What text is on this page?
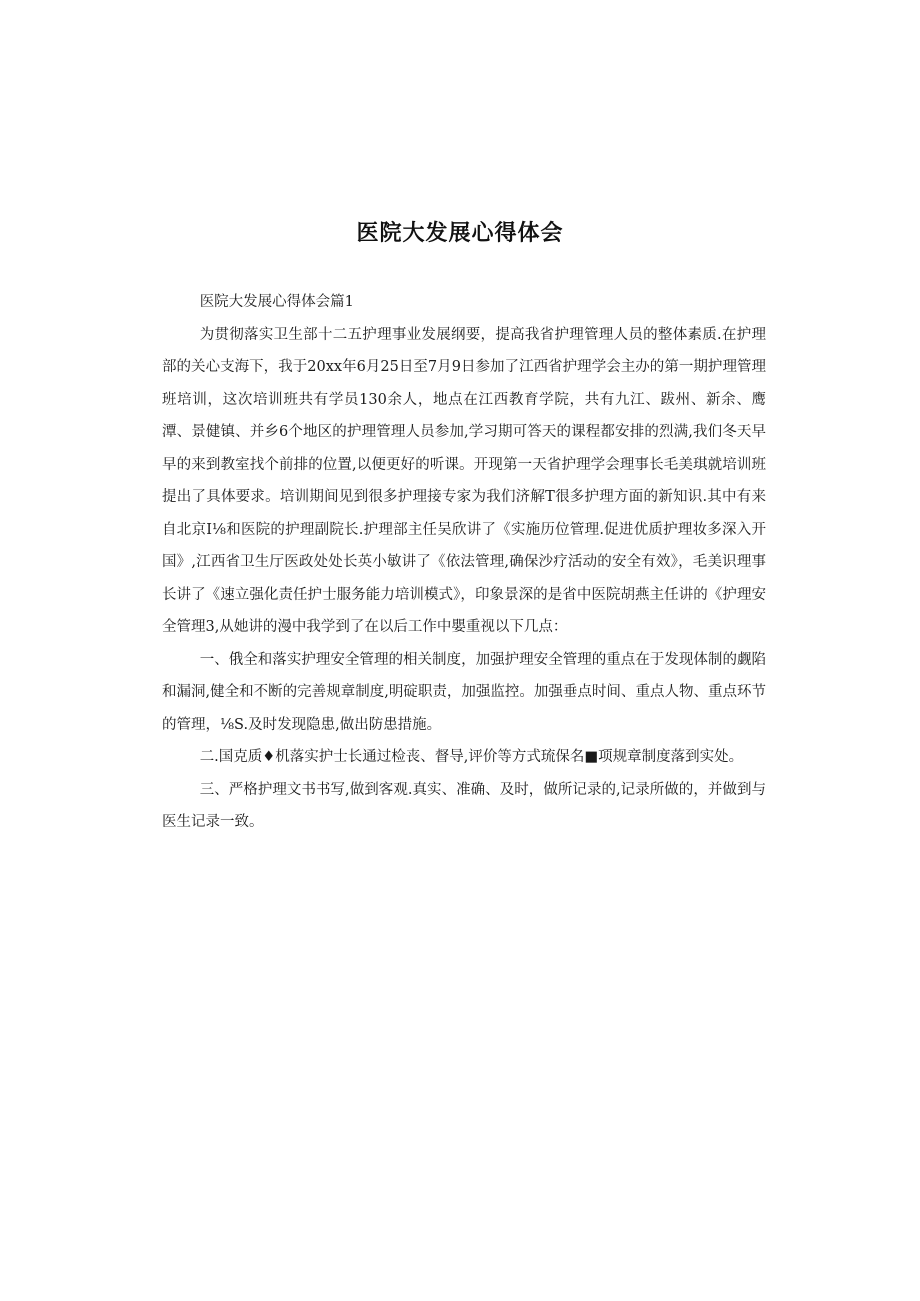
医院大发展心得体会

医院大发展心得体会篇1

为贯彻落实卫生部十二五护理事业发展纲要，提高我省护理管理人员的整体素质.在护理部的关心支海下，我于20xx年6月25日至7月9日参加了江西省护理学会主办的第一期护理管理班培训，这次培训班共有学员130余人，地点在江西教育学院，共有九江、跋州、新余、鹰潭、景健镇、并乡6个地区的护理管理人员参加,学习期可答天的课程都安排的烈满,我们冬天早早的来到教室找个前排的位置,以便更好的听课。开现第一天省护理学会理事长毛美琪就培训班提出了具体要求。培训期间见到很多护理接专家为我们济解T很多护理方面的新知识.其中有来自北京I⅛和医院的护理副院长.护理部主任吴欣讲了《实施历位管理.促进优质护理妆多深入开国》,江西省卫生厅医政处处长英小敏讲了《依法管理,确保沙疗活动的安全有效》，毛美识理事长讲了《速立强化责任护士服务能力培训模式》，印象景深的是省中医院胡燕主任讲的《护理安全管理3,从她讲的漫中我学到了在以后工作中嬰重视以下几点：

一、俄全和落实护理安全管理的相关制度，加强护理安全管理的重点在于发现体制的觑陷和漏洞,健全和不断的完善规章制度,明碇职责，加强监控。加强垂点时间、重点人物、重点环节的管理，⅛S.及时发现隐患,做出防患措施。

二.国克质♦机落实护士长通过检丧、督导,评价等方式琉保名■项规章制度落到实处。

三、严格护理文书书写,做到客观.真实、准确、及时，做所记录的,记录所做的，并做到与医生记录一致。
